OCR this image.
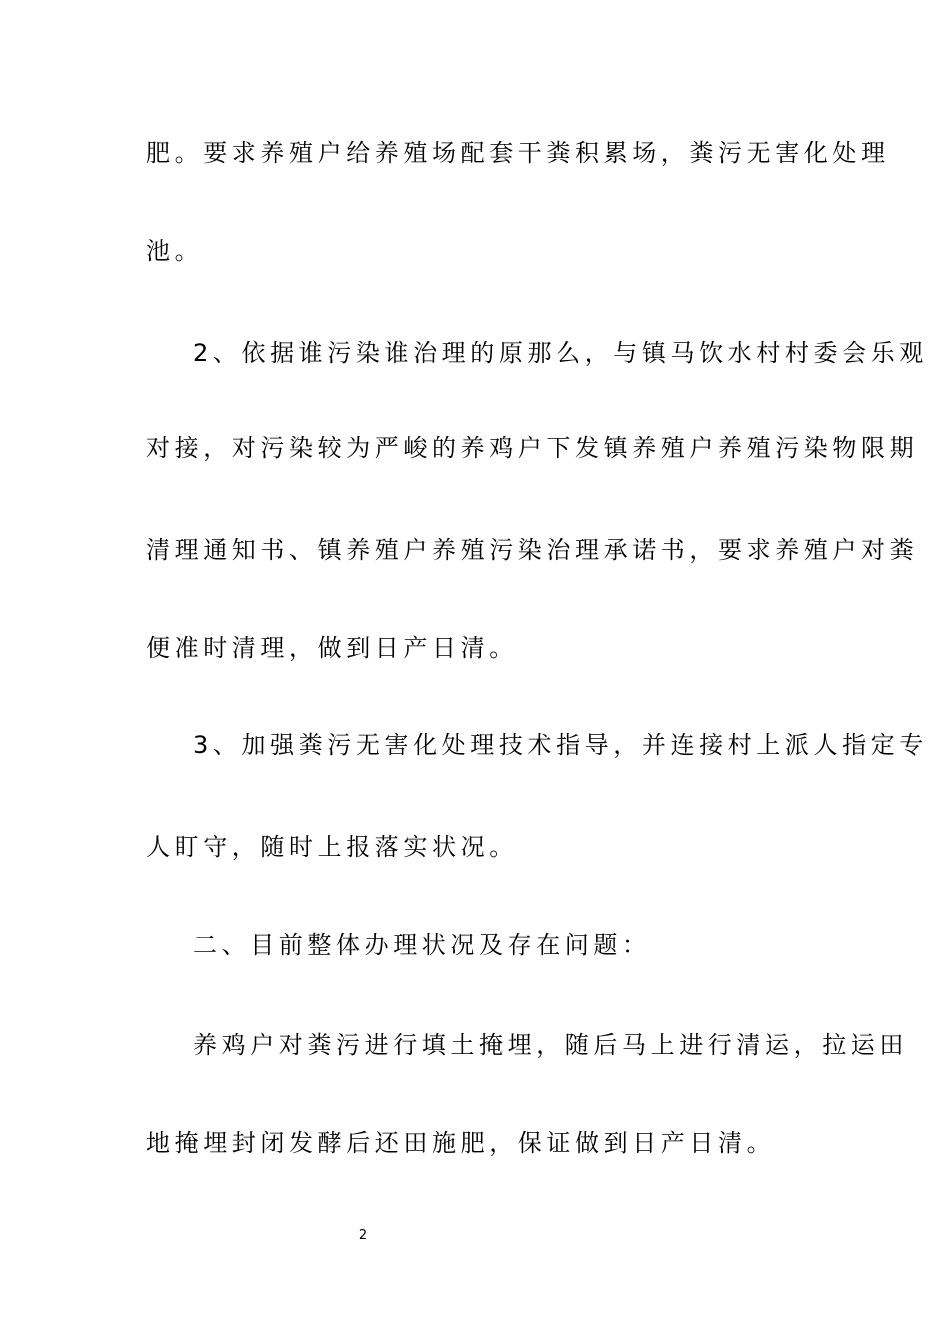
肥。要求养殖户给养殖场配套干粪积累场，粪污无害化处理
池。
2、依据谁污染谁治理的原那么，与镇马饮水村村委会乐观
对接，对污染较为严峻的养鸡户下发镇养殖户养殖污染物限期
清理通知书、镇养殖户养殖污染治理承诺书，要求养殖户对粪
便准时清理，做到日产日清。
3、加强粪污无害化处理技术指导，并连接村上派人指定专
人盯守，随时上报落实状况。
二、目前整体办理状况及存在问题：
养鸡户对粪污进行填土掩埋，随后马上进行清运，拉运田
地掩埋封闭发酵后还田施肥，保证做到日产日清。
2
